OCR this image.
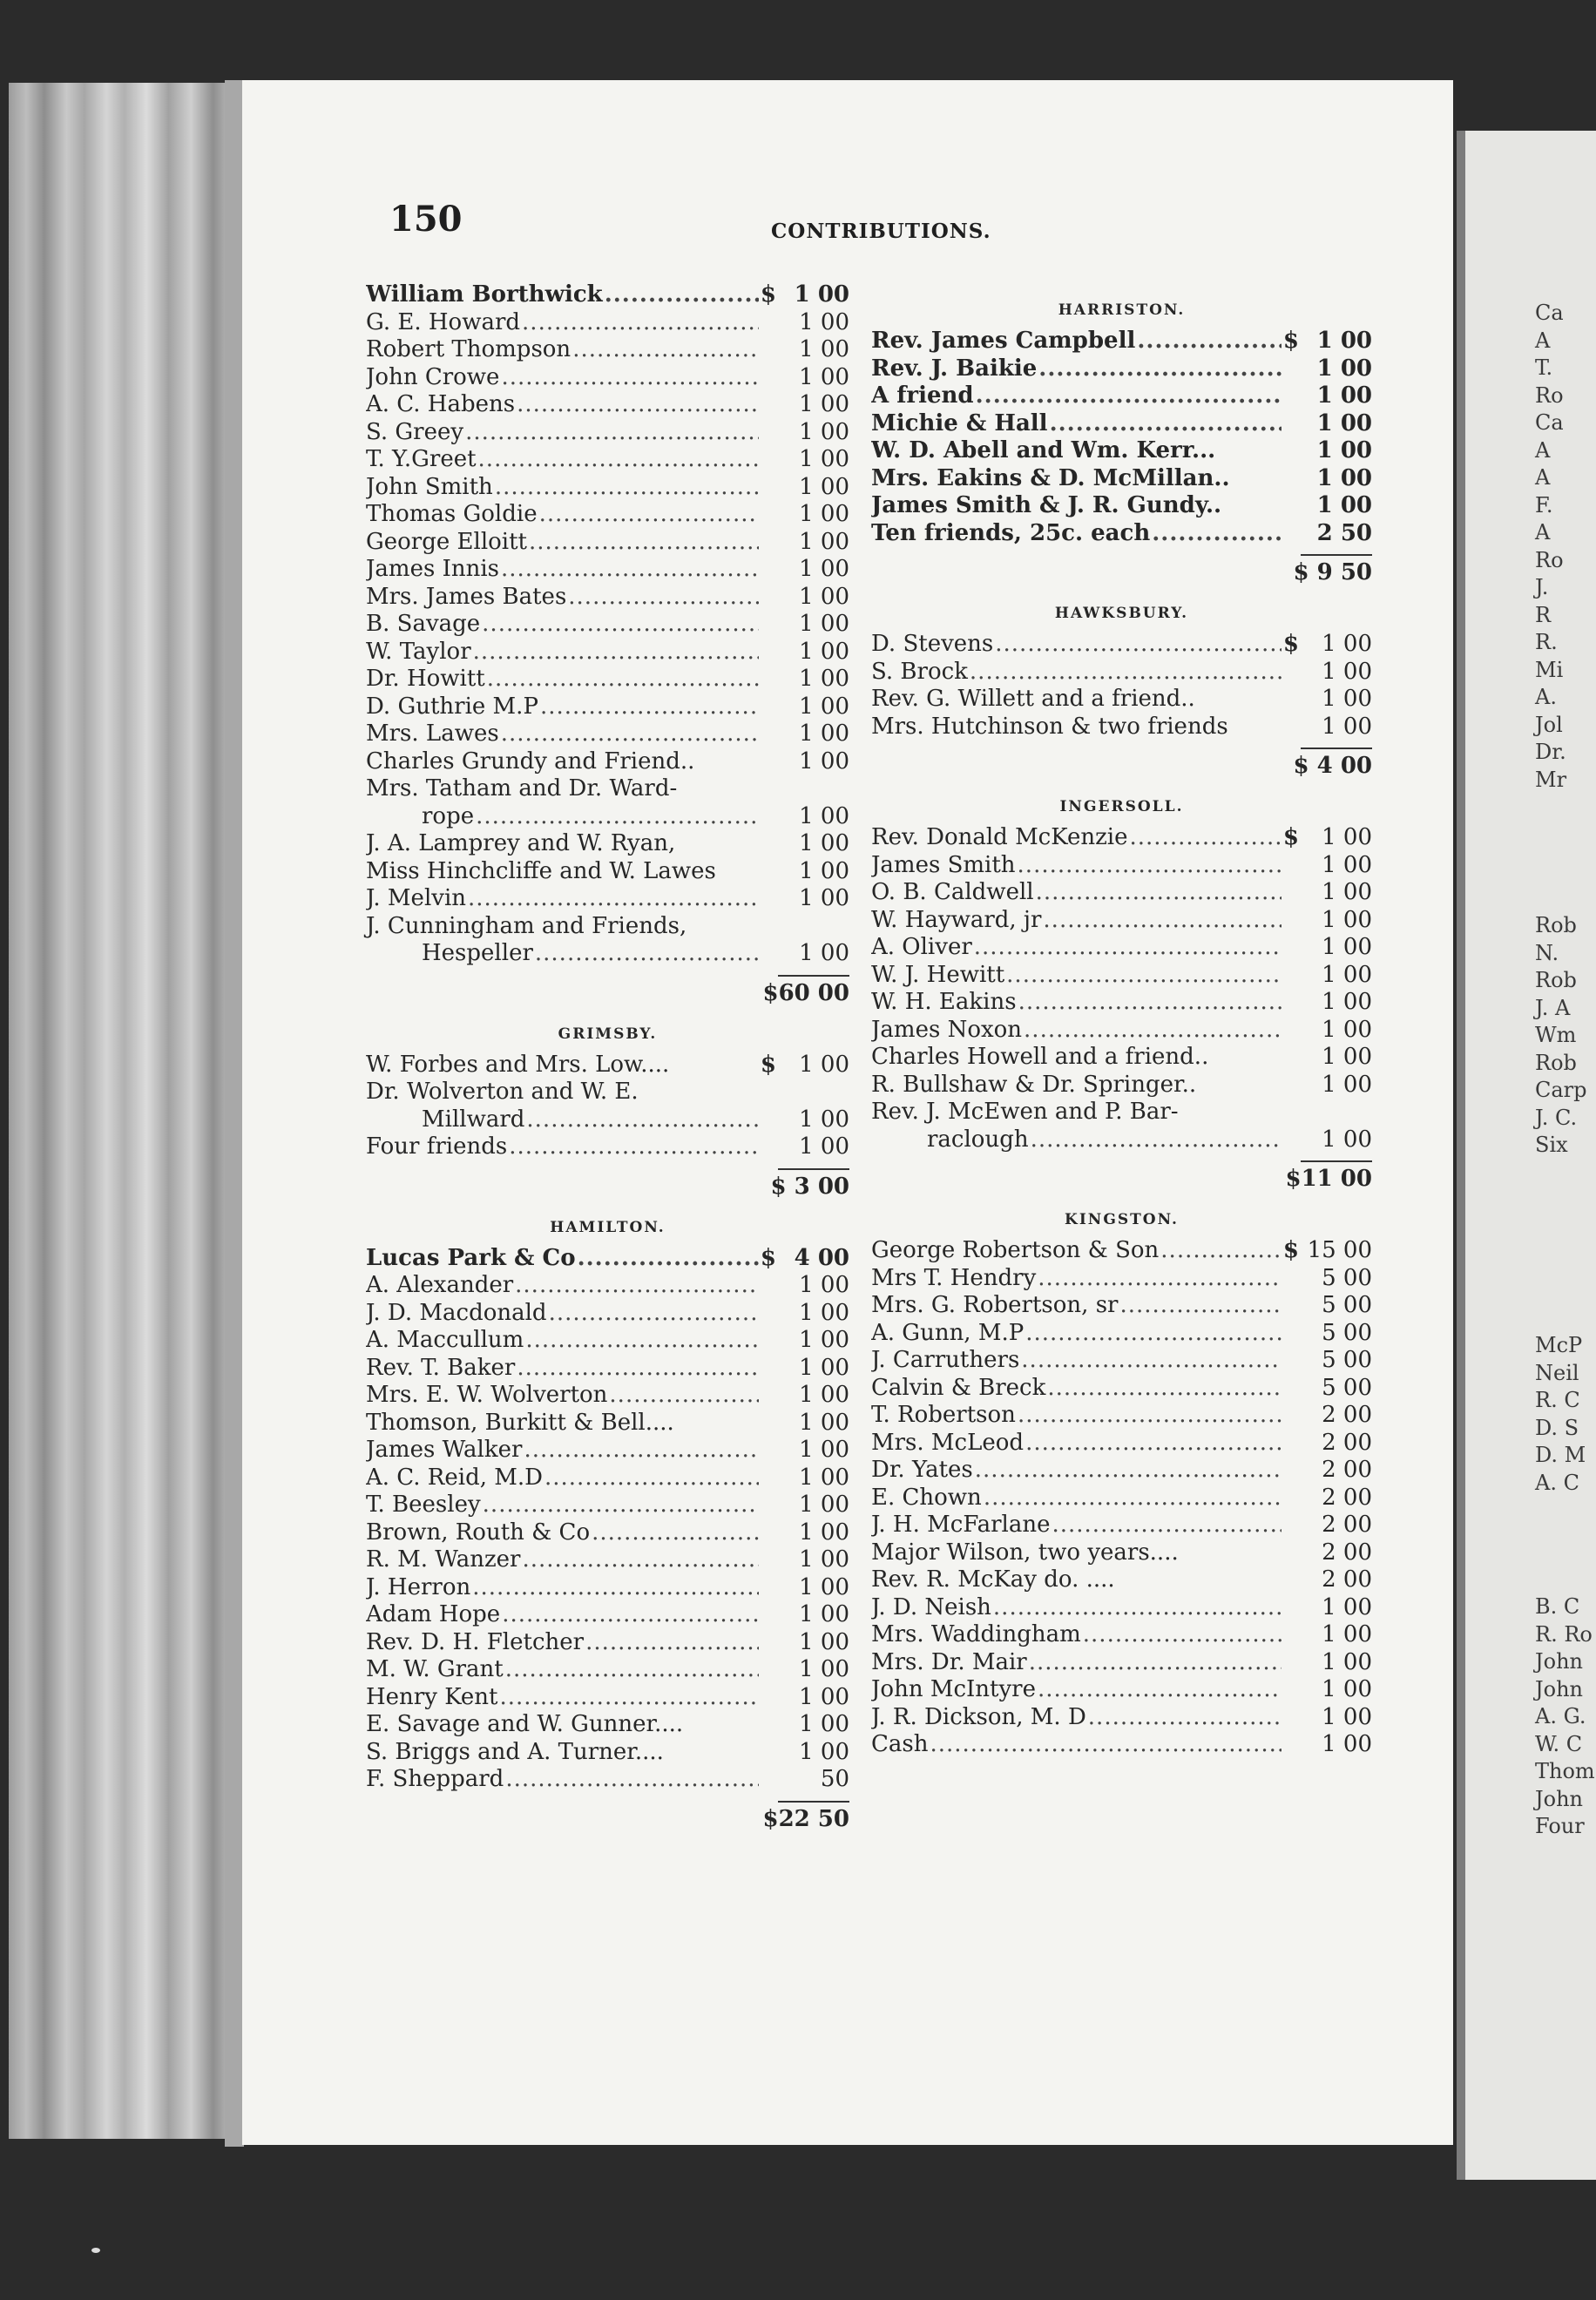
150	CONTRIBUTIONS.
William Borthwick .....	$ 1 00
G. E. Howard .....	1 00
Robert Thompson .....	1 00
John Crowe .....	1 00
A. C. Habens .....	1 00
S. Greey .....	1 00
T. Y.Greet .....	1 00
John Smith .....	1 00
Thomas Goldie .....	1 00
George Elloitt .....	1 00
James Innis .....	1 00
Mrs. James Bates .....	1 00
B. Savage .....	1 00
W. Taylor .....	1 00
Dr. Howitt .....	1 00
D. Guthrie M.P .....	1 00
Mrs. Lawes .....	1 00
Charles Grundy and Friend..	1 00
Mrs. Tatham and Dr. Ward-
rope .....	1 00
J. A. Lamprey and W. Ryan,	1 00
Miss Hinchcliffe and W. Lawes	1 00
J. Melvin .....	1 00
J. Cunningham and Friends,
Hespeller .....	1 00
$60 00
GRIMSBY.
W. Forbes and Mrs. Low....	$	1 00
Dr. Wolverton and W. E.
Millward .....	1 00
Four friends .....	1 00
$ 3 00
HAMILTON.
Lucas Park & Co .....	$ 4 00
A. Alexander .....	1 00
J. D. Macdonald .....	1 00
A. Maccullum .....	1 00
Rev. T. Baker .....	1 00
Mrs. E. W. Wolverton .....	1 00
Thomson, Burkitt & Bell....	1 00
James Walker .....	1 00
A. C. Reid, M.D .....	1 00
T. Beesley .....	1 00
Brown, Routh & Co .....	1 00
R. M. Wanzer .....	1 00
J. Herron .....	1 00
Adam Hope .....	1 00
Rev. D. H. Fletcher .....	1 00
M. W. Grant .....	1 00
Henry Kent .....	1 00
E. Savage and W. Gunner....	1 00
S. Briggs and A. Turner....	1 00
F. Sheppard .....	50
$22 50
HARRISTON.
Rev. James Campbell .....	$ 1 00
Rev. J. Baikie .....	1 00
A friend .....	1 00
Michie & Hall .....	1 00
W. D. Abell and Wm. Kerr...	1 00
Mrs. Eakins & D. McMillan..	1 00
James Smith & J. R. Gundy..	1 00
Ten friends, 25c. each .....	2 50
$ 9 50
HAWKSBURY.
D. Stevens .....	$	1 00
S. Brock .....	1 00
Rev. G. Willett and a friend..	1 00
Mrs. Hutchinson & two friends	1 00
$ 4 00
INGERSOLL.
Rev. Donald McKenzie .....	$	1 00
James Smith .....	1 00
O. B. Caldwell .....	1 00
W. Hayward, jr .....	1 00
A. Oliver .....	1 00
W. J. Hewitt .....	1 00
W. H. Eakins .....	1 00
James Noxon .....	1 00
Charles Howell and a friend..	1 00
R. Bullshaw & Dr. Springer..	1 00
Rev. J. McEwen and P. Bar-
raclough .....	1 00
$11 00
KINGSTON.
George Robertson & Son .....	$ 15 00
Mrs T. Hendry .....	5 00
Mrs. G. Robertson, sr .....	5 00
A. Gunn, M.P .....	5 00
J. Carruthers .....	5 00
Calvin & Breck .....	5 00
T. Robertson .....	2 00
Mrs. McLeod .....	2 00
Dr. Yates .....	2 00
E. Chown .....	2 00
J. H. McFarlane .....	2 00
Major Wilson, two years....	2 00
Rev. R. McKay do. ....	2 00
J. D. Neish .....	1 00
Mrs. Waddingham .....	1 00
Mrs. Dr. Mair .....	1 00
John McIntyre .....	1 00
J. R. Dickson, M. D .....	1 00
Cash .....	1 00
Ca
A
T.
Ro
Ca
A
A
F.
A
Ro
J.
R
R.
Mi
A.
Jol
Dr.
Mr
Rob
N.
Rob
J. A
Wm
Rob
Carp
J. C.
Six
McP
Neil
R. C
D. S
D. M
A. C
B. C
R. Ro
John
John
A. G.
W. C
Thom
John
Four
